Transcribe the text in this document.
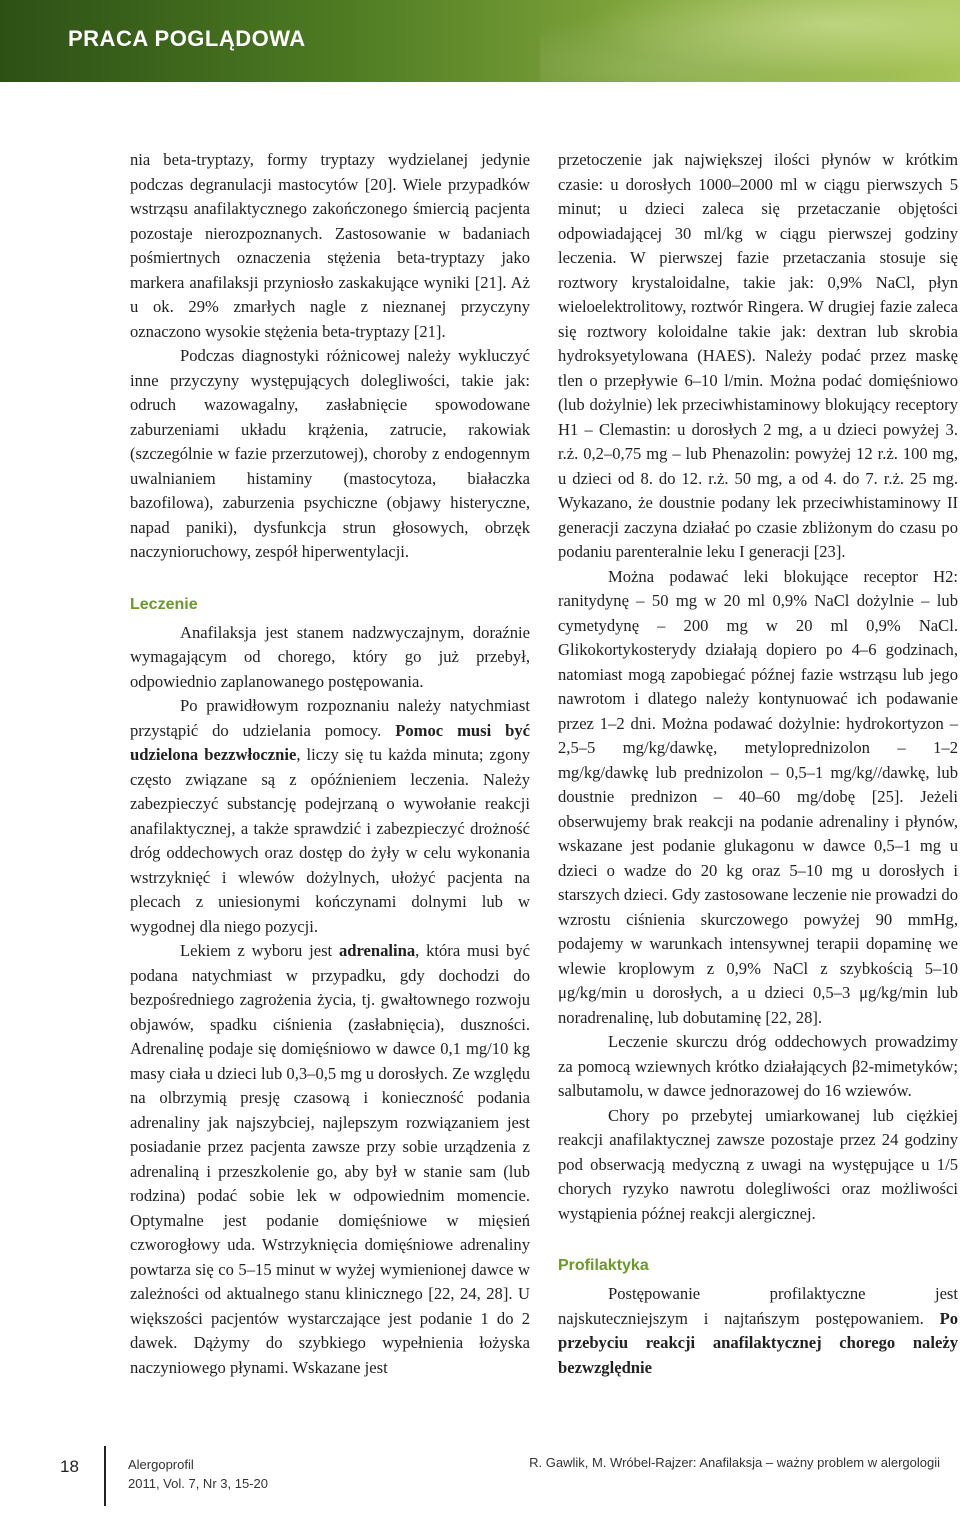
PRACA POGLĄDOWA

nia beta-tryptazy, formy tryptazy wydzielanej jedynie podczas degranulacji mastocytów [20]. Wiele przypadków wstrząsu anafilaktycznego zakończonego śmiercią pacjenta pozostaje nierozpoznanych. Zastosowanie w badaniach pośmiertnych oznaczenia stężenia beta-tryptazy jako markera anafilaksji przyniosło zaskakujące wyniki [21]. Aż u ok. 29% zmarłych nagle z nieznanej przyczyny oznaczono wysokie stężenia beta-tryptazy [21].

Podczas diagnostyki różnicowej należy wykluczyć inne przyczyny występujących dolegliwości, takie jak: odruch wazowagalny, zasłabnięcie spowodowane zaburzeniami układu krążenia, zatrucie, rakowiak (szczególnie w fazie przerzutowej), choroby z endogennym uwalnianiem histaminy (mastocytoza, białaczka bazofilowa), zaburzenia psychiczne (objawy histeryczne, napad paniki), dysfunkcja strun głosowych, obrzęk naczynioruchowy, zespół hiperwentylacji.

Leczenie

Anafilaksja jest stanem nadzwyczajnym, doraźnie wymagającym od chorego, który go już przebył, odpowiednio zaplanowanego postępowania.

Po prawidłowym rozpoznaniu należy natychmiast przystąpić do udzielania pomocy. Pomoc musi być udzielona bezzwłocznie, liczy się tu każda minuta; zgony często związane są z opóźnieniem leczenia. Należy zabezpieczyć substancję podejrzaną o wywołanie reakcji anafilaktycznej, a także sprawdzić i zabezpieczyć drożność dróg oddechowych oraz dostęp do żyły w celu wykonania wstrzyknięć i wlewów dożylnych, ułożyć pacjenta na plecach z uniesionymi kończynami dolnymi lub w wygodnej dla niego pozycji.

Lekiem z wyboru jest adrenalina, która musi być podana natychmiast w przypadku, gdy dochodzi do bezpośredniego zagrożenia życia, tj. gwałtownego rozwoju objawów, spadku ciśnienia (zasłabnięcia), duszności. Adrenalinę podaje się domięśniowo w dawce 0,1 mg/10 kg masy ciała u dzieci lub 0,3–0,5 mg u dorosłych. Ze względu na olbrzymią presję czasową i konieczność podania adrenaliny jak najszybciej, najlepszym rozwiązaniem jest posiadanie przez pacjenta zawsze przy sobie urządzenia z adrenaliną i przeszkolenie go, aby był w stanie sam (lub rodzina) podać sobie lek w odpowiednim momencie. Optymalne jest podanie domięśniowe w mięsień czworogłowy uda. Wstrzyknięcia domięśniowe adrenaliny powtarza się co 5–15 minut w wyżej wymienionej dawce w zależności od aktualnego stanu klinicznego [22, 24, 28]. U większości pacjentów wystarczające jest podanie 1 do 2 dawek. Dążymy do szybkiego wypełnienia łożyska naczyniowego płynami. Wskazane jest

przetoczenie jak największej ilości płynów w krótkim czasie: u dorosłych 1000–2000 ml w ciągu pierwszych 5 minut; u dzieci zaleca się przetaczanie objętości odpowiadającej 30 ml/kg w ciągu pierwszej godziny leczenia. W pierwszej fazie przetaczania stosuje się roztwory krystaloidalne, takie jak: 0,9% NaCl, płyn wieloelektrolitowy, roztwór Ringera. W drugiej fazie zaleca się roztwory koloidalne takie jak: dextran lub skrobia hydroksyetylowana (HAES). Należy podać przez maskę tlen o przepływie 6–10 l/min. Można podać domięśniowo (lub dożylnie) lek przeciwhistaminowy blokujący receptory H1 – Clemastin: u dorosłych 2 mg, a u dzieci powyżej 3. r.ż. 0,2–0,75 mg – lub Phenazolin: powyżej 12 r.ż. 100 mg, u dzieci od 8. do 12. r.ż. 50 mg, a od 4. do 7. r.ż. 25 mg. Wykazano, że doustnie podany lek przeciwhistaminowy II generacji zaczyna działać po czasie zbliżonym do czasu po podaniu parenteralnie leku I generacji [23].

Można podawać leki blokujące receptor H2: ranitydynę – 50 mg w 20 ml 0,9% NaCl dożylnie – lub cymetydynę – 200 mg w 20 ml 0,9% NaCl. Glikokortykosterydy działają dopiero po 4–6 godzinach, natomiast mogą zapobiegać późnej fazie wstrząsu lub jego nawrotom i dlatego należy kontynuować ich podawanie przez 1–2 dni. Można podawać dożylnie: hydrokortyzon – 2,5–5 mg/kg/dawkę, metyloprednizolon – 1–2 mg/kg/dawkę lub prednizolon – 0,5–1 mg/kg//dawkę, lub doustnie prednizon – 40–60 mg/dobę [25]. Jeżeli obserwujemy brak reakcji na podanie adrenaliny i płynów, wskazane jest podanie glukagonu w dawce 0,5–1 mg u dzieci o wadze do 20 kg oraz 5–10 mg u dorosłych i starszych dzieci. Gdy zastosowane leczenie nie prowadzi do wzrostu ciśnienia skurczowego powyżej 90 mmHg, podajemy w warunkach intensywnej terapii dopaminę we wlewie kroplowym z 0,9% NaCl z szybkością 5–10 μg/kg/min u dorosłych, a u dzieci 0,5–3 μg/kg/min lub noradrenalinę, lub dobutaminę [22, 28].

Leczenie skurczu dróg oddechowych prowadzimy za pomocą wziewnych krótko działających β2-mimetyków; salbutamolu, w dawce jednorazowej do 16 wziewów.

Chory po przebytej umiarkowanej lub ciężkiej reakcji anafilaktycznej zawsze pozostaje przez 24 godziny pod obserwacją medyczną z uwagi na występujące u 1/5 chorych ryzyko nawrotu dolegliwości oraz możliwości wystąpienia późnej reakcji alergicznej.

Profilaktyka

Postępowanie profilaktyczne jest najskuteczniejszym i najtańszym postępowaniem. Po przebyciu reakcji anafilaktycznej chorego należy bezwzględnie

18	Alergoprofil
2011, Vol. 7, Nr 3, 15-20
R. Gawlik, M. Wróbel-Rajzer: Anafilaksja – ważny problem w alergologii
